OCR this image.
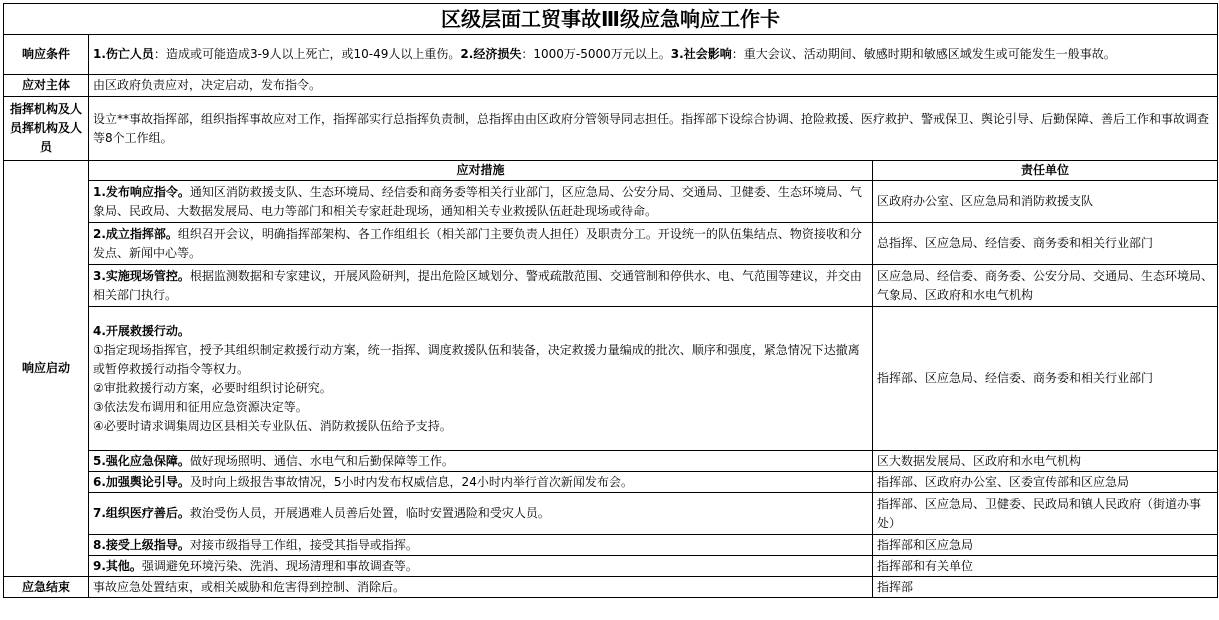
区级层面工贸事故Ⅲ级应急响应工作卡		
响应条件	1.伤亡人员：造成或可能造成3-9人以上死亡，或10-49人以上重伤。2.经济损失：1000万-5000万元以上。3.社会影响：重大会议、活动期间、敏感时期和敏感区域发生或可能发生一般事故。	
应对主体	由区政府负责应对，决定启动，发布指令。	
指挥机构及人员挥机构及人员	设立**事故指挥部，组织指挥事故应对工作，指挥部实行总指挥负责制，总指挥由由区政府分管领导同志担任。指挥部下设综合协调、抢险救援、医疗救护、警戒保卫、舆论引导、后勤保障、善后工作和事故调查等8个工作组。	
响应启动	应对措施	责任单位
	1.发布响应指令。通知区消防救援支队、生态环境局、经信委和商务委等相关行业部门，区应急局、公安分局、交通局、卫健委、生态环境局、气象局、民政局、大数据发展局、电力等部门和相关专家赶赴现场，通知相关专业救援队伍赶赴现场或待命。	区政府办公室、区应急局和消防救援支队
	2.成立指挥部。组织召开会议，明确指挥部架构、各工作组组长（相关部门主要负责人担任）及职责分工。开设统一的队伍集结点、物资接收和分发点、新闻中心等。	总指挥、区应急局、经信委、商务委和相关行业部门
	3.实施现场管控。根据监测数据和专家建议，开展风险研判，提出危险区域划分、警戒疏散范围、交通管制和停供水、电、气范围等建议，并交由相关部门执行。	区应急局、经信委、商务委、公安分局、交通局、生态环境局、气象局、区政府和水电气机构

	4.开展救援行动。
①指定现场指挥官，授予其组织制定救援行动方案，统一指挥、调度救援队伍和装备，决定救援力量编成的批次、顺序和强度，紧急情况下达撤离或暂停救援行动指令等权力。
②审批救援行动方案，必要时组织讨论研究。
③依法发布调用和征用应急资源决定等。
④必要时请求调集周边区县相关专业队伍、消防救援队伍给予支持。	指挥部、区应急局、经信委、商务委和相关行业部门
	5.强化应急保障。做好现场照明、通信、水电气和后勤保障等工作。	区大数据发展局、区政府和水电气机构
	6.加强舆论引导。及时向上级报告事故情况，5小时内发布权威信息，24小时内举行首次新闻发布会。	指挥部、区政府办公室、区委宣传部和区应急局
	7.组织医疗善后。救治受伤人员，开展遇难人员善后处置，临时安置遇险和受灾人员。	指挥部、区应急局、卫健委、民政局和镇人民政府（街道办事处）
	8.接受上级指导。对接市级指导工作组，接受其指导或指挥。	指挥部和区应急局
	9.其他。强调避免环境污染、洗消、现场清理和事故调查等。	指挥部和有关单位
应急结束	事故应急处置结束，或相关威胁和危害得到控制、消除后。	指挥部
